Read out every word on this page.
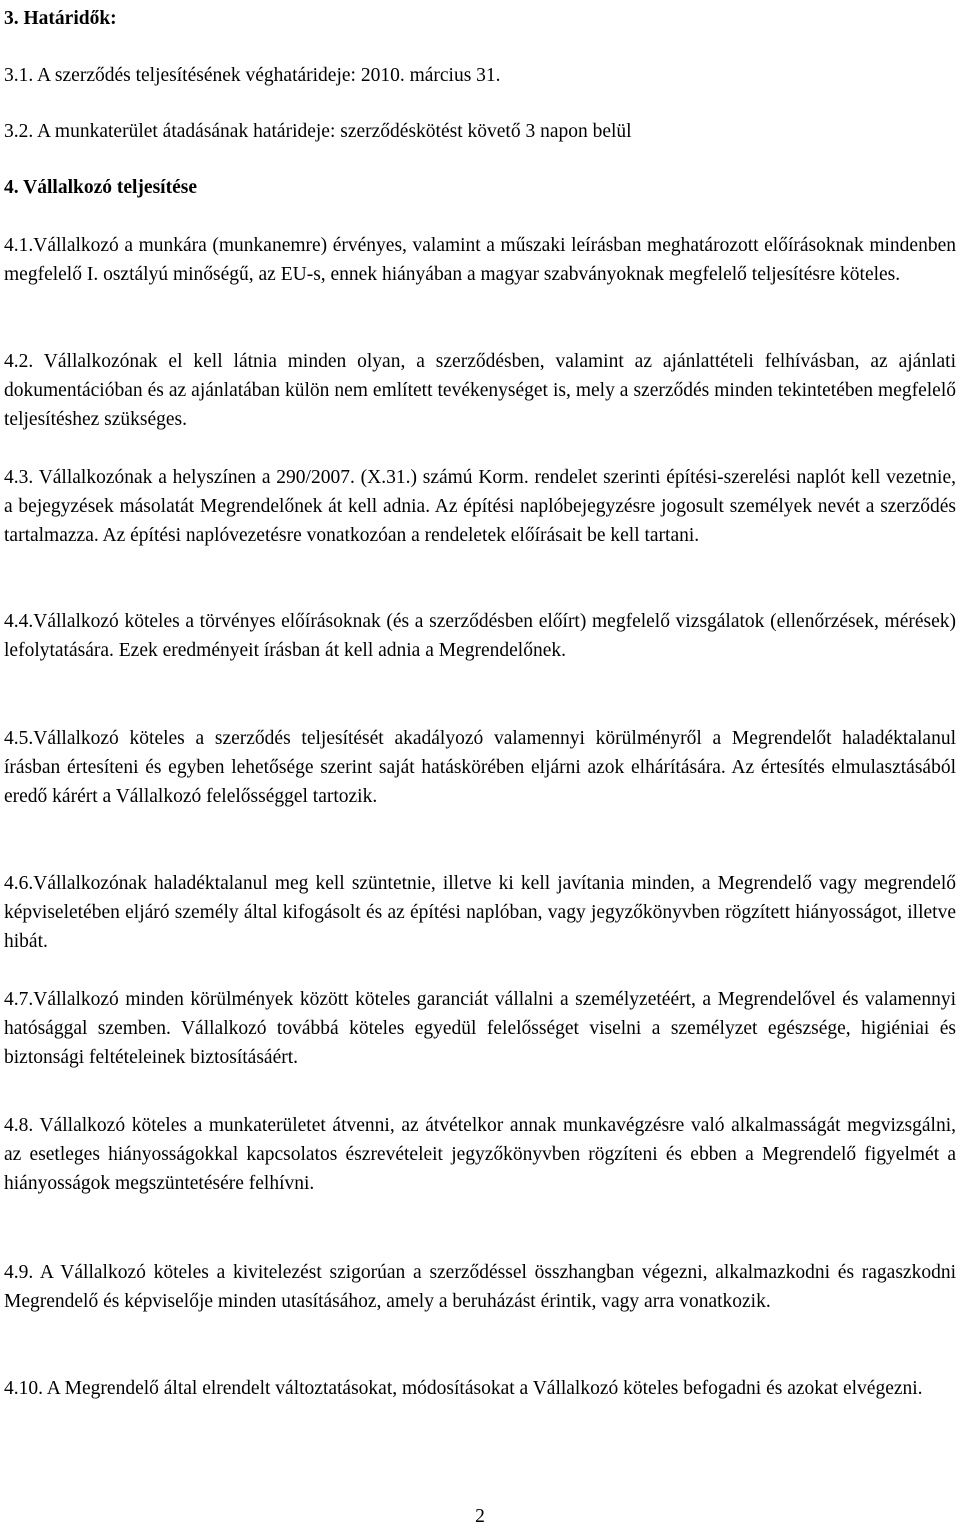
3. Határidők:

3.1. A szerződés teljesítésének véghatárideje: 2010. március 31.

3.2. A munkaterület átadásának határideje: szerződéskötést követő 3 napon belül

4. Vállalkozó teljesítése

4.1.Vállalkozó a munkára (munkanemre) érvényes, valamint a műszaki leírásban meghatározott előírásoknak mindenben megfelelő I. osztályú minőségű, az EU-s, ennek hiányában a magyar szabványoknak megfelelő teljesítésre köteles.

4.2. Vállalkozónak el kell látnia minden olyan, a szerződésben, valamint az ajánlattételi felhívásban, az ajánlati dokumentációban és az ajánlatában külön nem említett tevékenységet is, mely a szerződés minden tekintetében megfelelő teljesítéshez szükséges.

4.3. Vállalkozónak a helyszínen a 290/2007. (X.31.) számú Korm. rendelet szerinti építési-szerelési naplót kell vezetnie, a bejegyzések másolatát Megrendelőnek át kell adnia. Az építési naplóbejegyzésre jogosult személyek nevét a szerződés tartalmazza. Az építési naplóvezetésre vonatkozóan a rendeletek előírásait be kell tartani.

4.4.Vállalkozó köteles a törvényes előírásoknak (és a szerződésben előírt) megfelelő vizsgálatok (ellenőrzések, mérések) lefolytatására. Ezek eredményeit írásban át kell adnia a Megrendelőnek.

4.5.Vállalkozó köteles a szerződés teljesítését akadályozó valamennyi körülményről a Megrendelőt haladéktalanul írásban értesíteni és egyben lehetősége szerint saját hatáskörében eljárni azok elhárítására. Az értesítés elmulasztásából eredő kárért a Vállalkozó felelősséggel tartozik.

4.6.Vállalkozónak haladéktalanul meg kell szüntetnie, illetve ki kell javítania minden, a Megrendelő vagy megrendelő képviseletében eljáró személy által kifogásolt és az építési naplóban, vagy jegyzőkönyvben rögzített hiányosságot, illetve hibát.

4.7.Vállalkozó minden körülmények között köteles garanciát vállalni a személyzetéért, a Megrendelővel és valamennyi hatósággal szemben. Vállalkozó továbbá köteles egyedül felelősséget viselni a személyzet egészsége, higiéniai és biztonsági feltételeinek biztosításáért.

4.8. Vállalkozó köteles a munkaterületet átvenni, az átvételkor annak munkavégzésre való alkalmasságát megvizsgálni, az esetleges hiányosságokkal kapcsolatos észrevételeit jegyzőkönyvben rögzíteni és ebben a Megrendelő figyelmét a hiányosságok megszüntetésére felhívni.

4.9. A Vállalkozó köteles a kivitelezést szigorúan a szerződéssel összhangban végezni, alkalmazkodni és ragaszkodni Megrendelő és képviselője minden utasításához, amely a beruházást érintik, vagy arra vonatkozik.

4.10. A Megrendelő által elrendelt változtatásokat, módosításokat a Vállalkozó köteles befogadni és azokat elvégezni.

2
